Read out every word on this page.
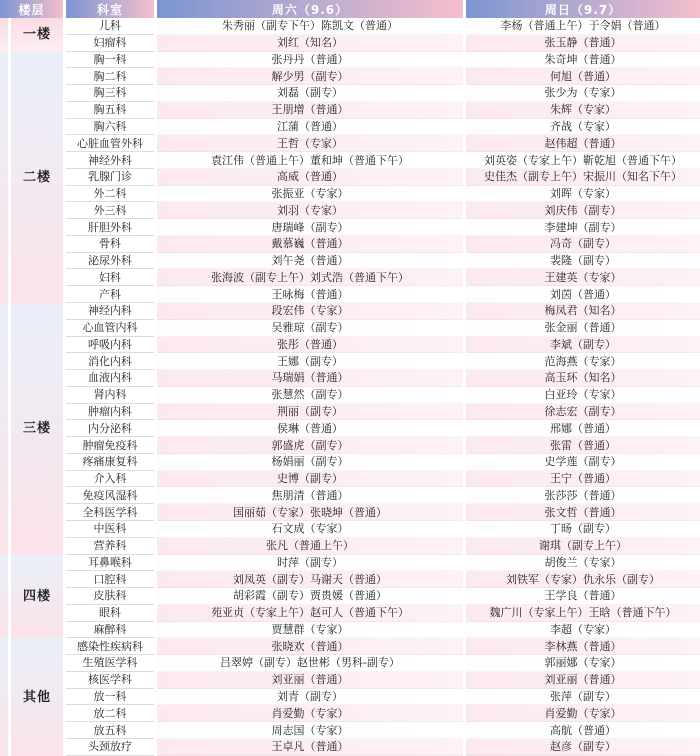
楼层	科室	周六（9.6）	周日（9.7）
一楼
儿科	朱秀丽（副专下午）陈凯文（普通）	李杨（普通上午）于令娟（普通）
妇瘤科	刘红（知名）	张玉静（普通）
二楼
胸一科	张丹丹（普通）	朱奇坤（普通）
胸二科	解少男（副专）	何旭（普通）
胸三科	刘磊（副专）	张少为（专家）
胸五科	王朋增（普通）	朱辉（专家）
胸六科	江蒲（普通）	齐战（专家）
心脏血管外科	王哲（专家）	赵伟超（普通）
神经外科	袁江伟（普通上午）董和坤（普通下午）	刘英姿（专家上午）靳乾旭（普通下午）
乳腺门诊	高威（普通）	史佳杰（副专上午）宋振川（知名下午）
外二科	张振亚（专家）	刘晖（专家）
外三科	刘羽（专家）	刘庆伟（副专）
肝胆外科	唐瑞峰（副专）	李建坤（副专）
骨科	戴慕巍（普通）	冯奇（副专）
泌尿外科	刘午尧（普通）	裴隆（副专）
妇科	张海波（副专上午）刘式浩（普通下午）	王建英（专家）
产科	王咏梅（普通）	刘茵（普通）
三楼
神经内科	段宏伟（专家）	梅凤君（知名）
心血管内科	吴雅琼（副专）	张金丽（普通）
呼吸内科	张彤（普通）	李斌（副专）
消化内科	王娜（副专）	范海燕（专家）
血液内科	马瑞娟（普通）	高玉环（知名）
肾内科	张慧然（副专）	白亚玲（专家）
肿瘤内科	荆丽（副专）	徐志宏（副专）
内分泌科	侯琳（普通）	邢娜（普通）
肿瘤免疫科	郭盛虎（副专）	张雷（普通）
疼痛康复科	杨娟丽（副专）	史学莲（副专）
介入科	史博（副专）	王宁（普通）
免疫风湿科	焦朋清（普通）	张莎莎（普通）
全科医学科	国丽茹（专家）张晓坤（普通）	张文哲（普通）
中医科	石文成（专家）	丁旸（副专）
营养科	张凡（普通上午）	谢琪（副专上午）
四楼
耳鼻喉科	时萍（副专）	胡俊兰（专家）
口腔科	刘凤英（副专）马谢天（普通）	刘铁军（专家）仇永乐（副专）
皮肤科	胡彩霞（副专）贾贵媛（普通）	王学良（普通）
眼科	苑亚贞（专家上午）赵可人（普通下午）	魏广川（专家上午）王晗（普通下午）
麻醉科	贾慧群（专家）	李超（专家）
其他
感染性疾病科	张晓欢（普通）	李林燕（普通）
生殖医学科	吕翠婷（副专）赵世彬（男科-副专）	郭丽娜（专家）
核医学科	刘亚丽（普通）	刘亚丽（普通）
放一科	刘青（副专）	张萍（副专）
放二科	肖爱勤（专家）	肖爱勤（专家）
放五科	周志国（专家）	高航（普通）
头颈放疗	王卓凡（普通）	赵彦（副专）
